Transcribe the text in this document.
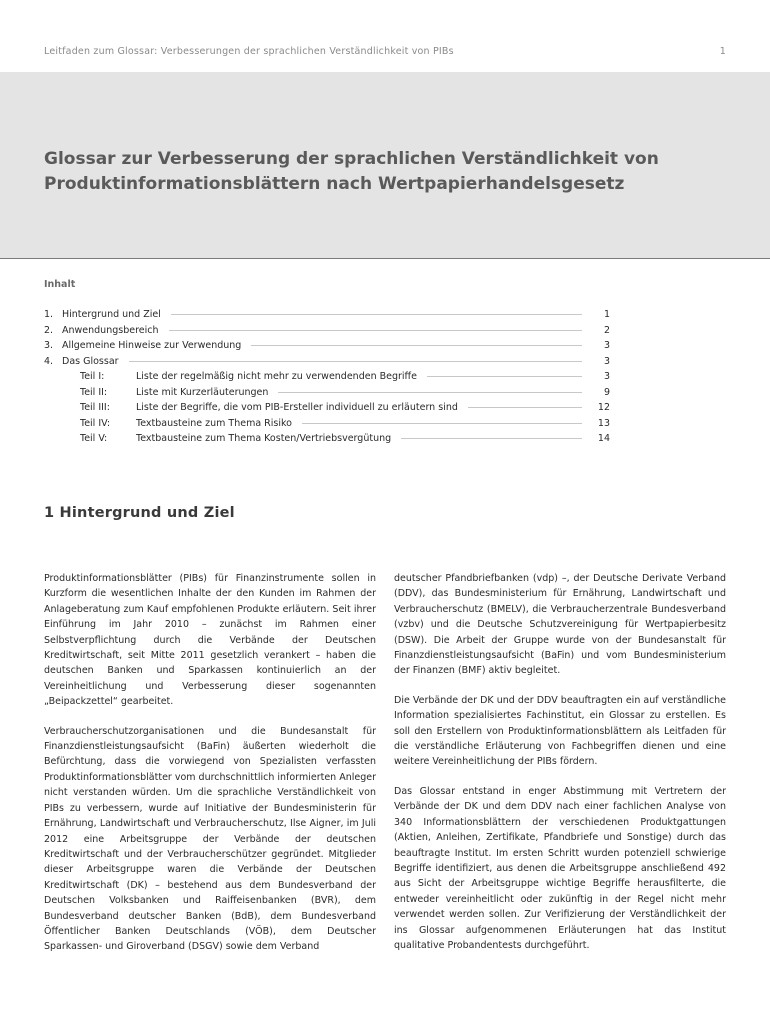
Leitfaden zum Glossar: Verbesserungen der sprachlichen Verständlichkeit von PIBs	1
Glossar zur Verbesserung der sprachlichen Verständlichkeit von Produktinformationsblättern nach Wertpapierhandelsgesetz
Inhalt
1. Hintergrund und Ziel	1
2. Anwendungsbereich	2
3. Allgemeine Hinweise zur Verwendung	3
4. Das Glossar	3
Teil I:	Liste der regelmäßig nicht mehr zu verwendenden Begriffe	3
Teil II:	Liste mit Kurzerläuterungen	9
Teil III:	Liste der Begriffe, die vom PIB-Ersteller individuell zu erläutern sind	12
Teil IV:	Textbausteine zum Thema Risiko	13
Teil V:	Textbausteine zum Thema Kosten/Vertriebsvergütung	14
1 Hintergrund und Ziel

Produktinformationsblätter (PIBs) für Finanzinstrumente sollen in Kurzform die wesentlichen Inhalte der den Kunden im Rahmen der Anlageberatung zum Kauf empfohlenen Produkte erläutern. Seit ihrer Einführung im Jahr 2010 – zunächst im Rahmen einer Selbstverpflichtung durch die Verbände der Deutschen Kreditwirtschaft, seit Mitte 2011 gesetzlich verankert – haben die deutschen Banken und Sparkassen kontinuierlich an der Vereinheitlichung und Verbesserung dieser sogenannten „Beipackzettel“ gearbeitet.

Verbraucherschutzorganisationen und die Bundesanstalt für Finanzdienstleistungsaufsicht (BaFin) äußerten wiederholt die Befürchtung, dass die vorwiegend von Spezialisten verfassten Produktinformationsblätter vom durchschnittlich informierten Anleger nicht verstanden würden. Um die sprachliche Verständlichkeit von PIBs zu verbessern, wurde auf Initiative der Bundesministerin für Ernährung, Landwirtschaft und Verbraucherschutz, Ilse Aigner, im Juli 2012 eine Arbeitsgruppe der Verbände der deutschen Kreditwirtschaft und der Verbraucherschützer gegründet. Mitglieder dieser Arbeitsgruppe waren die Verbände der Deutschen Kreditwirtschaft (DK) – bestehend aus dem Bundesverband der Deutschen Volksbanken und Raiffeisenbanken (BVR), dem Bundesverband deutscher Banken (BdB), dem Bundesverband Öffentlicher Banken Deutschlands (VÖB), dem Deutscher Sparkassen- und Giroverband (DSGV) sowie dem Verband

deutscher Pfandbriefbanken (vdp) –, der Deutsche Derivate Verband (DDV), das Bundesministerium für Ernährung, Landwirtschaft und Verbraucherschutz (BMELV), die Verbraucherzentrale Bundesverband (vzbv) und die Deutsche Schutzvereinigung für Wertpapierbesitz (DSW). Die Arbeit der Gruppe wurde von der Bundesanstalt für Finanzdienstleistungsaufsicht (BaFin) und vom Bundesministerium der Finanzen (BMF) aktiv begleitet.

Die Verbände der DK und der DDV beauftragten ein auf verständliche Information spezialisiertes Fachinstitut, ein Glossar zu erstellen. Es soll den Erstellern von Produktinformationsblättern als Leitfaden für die verständliche Erläuterung von Fachbegriffen dienen und eine weitere Vereinheitlichung der PIBs fördern.

Das Glossar entstand in enger Abstimmung mit Vertretern der Verbände der DK und dem DDV nach einer fachlichen Analyse von 340 Informationsblättern der verschiedenen Produktgattungen (Aktien, Anleihen, Zertifikate, Pfandbriefe und Sonstige) durch das beauftragte Institut. Im ersten Schritt wurden potenziell schwierige Begriffe identifiziert, aus denen die Arbeitsgruppe anschließend 492 aus Sicht der Arbeitsgruppe wichtige Begriffe herausfilterte, die entweder vereinheitlicht oder zukünftig in der Regel nicht mehr verwendet werden sollen. Zur Verifizierung der Verständlichkeit der ins Glossar aufgenommenen Erläuterungen hat das Institut qualitative Probandentests durchgeführt.
